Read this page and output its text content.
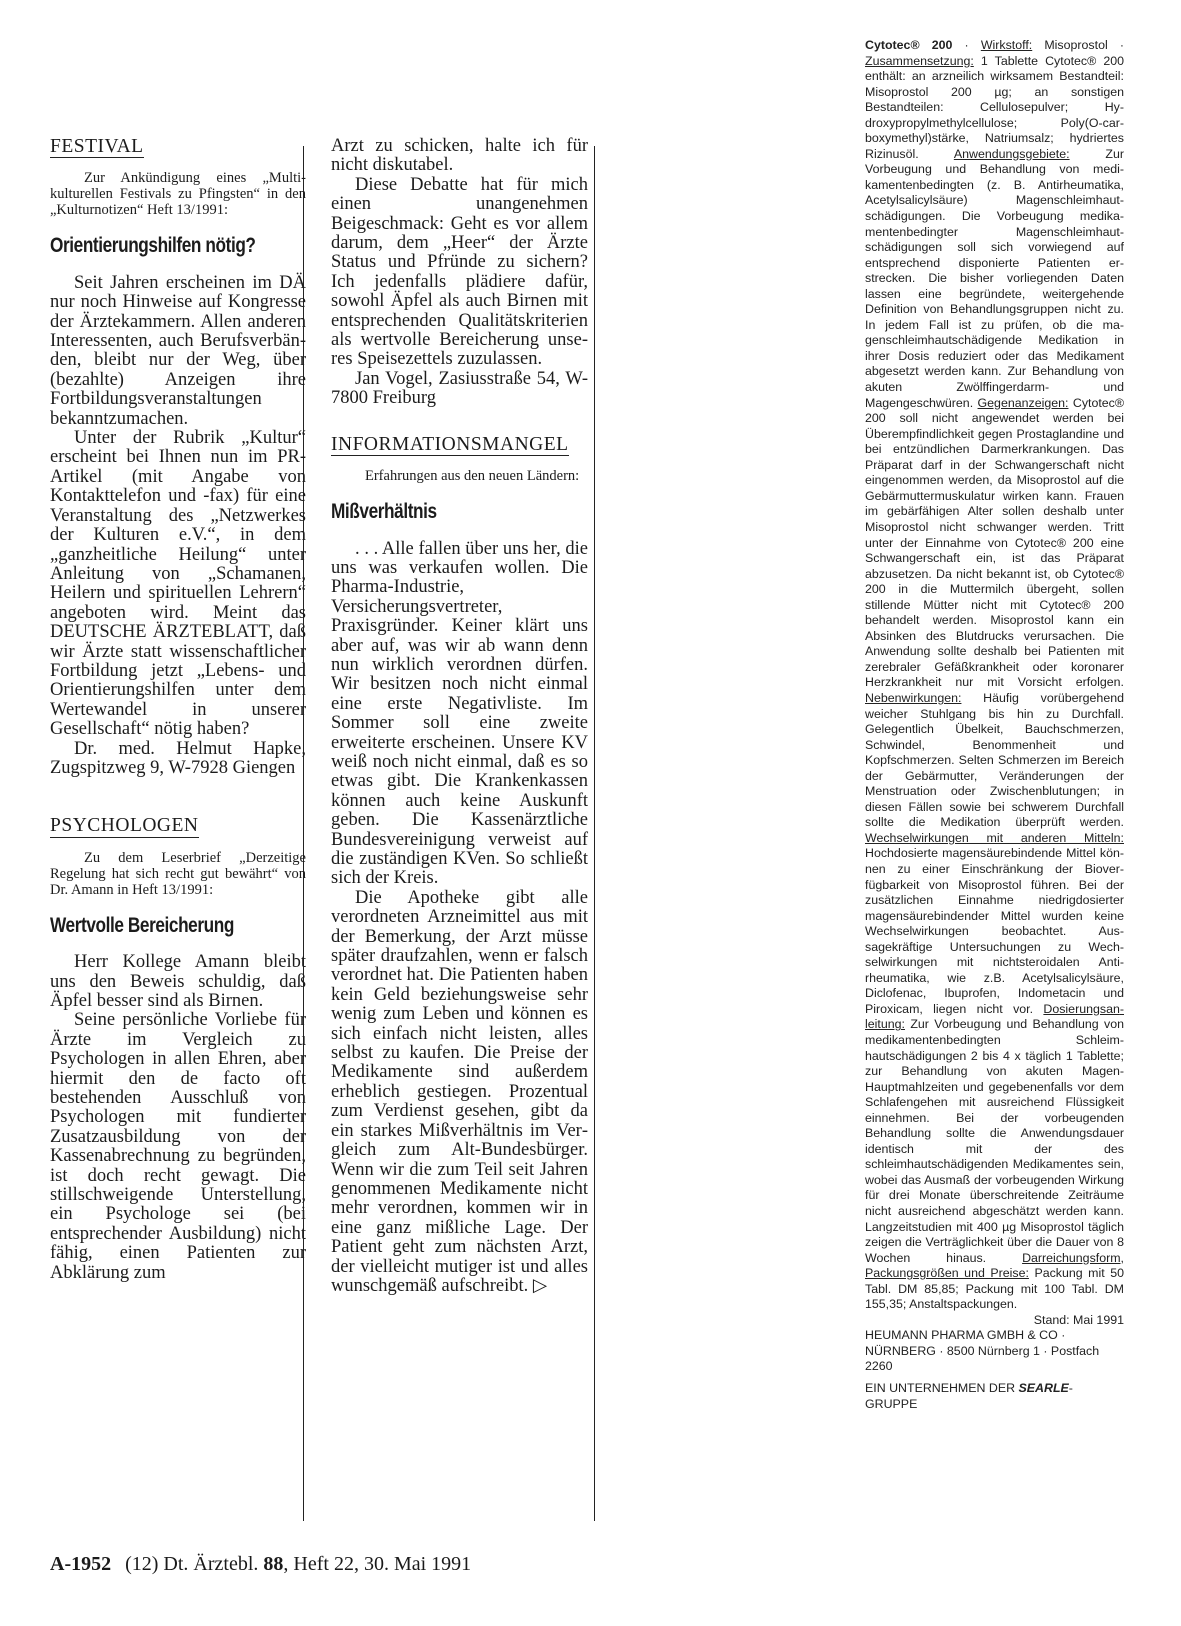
FESTIVAL

Zur Ankündigung eines „Multikulturellen Festivals zu Pfingsten“ in den „Kulturnotizen“ Heft 13/1991:

Orientierungshilfen nötig?

Seit Jahren erscheinen im DÄ nur noch Hinweise auf Kongresse der Ärztekammern. Allen anderen Interessenten, auch Berufsverbänden, bleibt nur der Weg, über (bezahlte) Anzeigen ihre Fortbildungsveranstaltungen bekanntzumachen.

Unter der Rubrik „Kultur“ erscheint bei Ihnen nun im PR-Artikel (mit Angabe von Kontakttelefon und -fax) für eine Veranstaltung des „Netzwerkes der Kulturen e.V.“, in dem „ganzheitliche Heilung“ unter Anleitung von „Schamanen, Heilern und spirituellen Lehrern“ angeboten wird. Meint das DEUTSCHE ÄRZTEBLATT, daß wir Ärzte statt wissenschaftlicher Fortbildung jetzt „Lebens- und Orientierungshilfen unter dem Wertewandel in unserer Gesellschaft“ nötig haben?

Dr. med. Helmut Hapke, Zugspitzweg 9, W-7928 Giengen

PSYCHOLOGEN

Zu dem Leserbrief „Derzeitige Regelung hat sich recht gut bewährt“ von Dr. Amann in Heft 13/1991:

Wertvolle Bereicherung

Herr Kollege Amann bleibt uns den Beweis schuldig, daß Äpfel besser sind als Birnen.

Seine persönliche Vorliebe für Ärzte im Vergleich zu Psychologen in allen Ehren, aber hiermit den de facto oft bestehenden Ausschluß von Psychologen mit fundierter Zusatzausbildung von der Kassenabrechnung zu begründen, ist doch recht gewagt. Die stillschweigende Unterstellung, ein Psychologe sei (bei entsprechender Ausbildung) nicht fähig, einen Patienten zur Abklärung zum

Arzt zu schicken, halte ich für nicht diskutabel.

Diese Debatte hat für mich einen unangenehmen Beigeschmack: Geht es vor allem darum, dem „Heer“ der Ärzte Status und Pfründe zu sichern? Ich jedenfalls plädiere dafür, sowohl Äpfel als auch Birnen mit entsprechenden Qualitätskriterien als wertvolle Bereicherung unseres Speisezettels zuzulassen.

Jan Vogel, Zasiusstraße 54, W-7800 Freiburg

INFORMATIONSMANGEL

Erfahrungen aus den neuen Ländern:

Mißverhältnis

. . . Alle fallen über uns her, die uns was verkaufen wollen. Die Pharma-Industrie, Versicherungsvertreter, Praxisgründer. Keiner klärt uns aber auf, was wir ab wann denn nun wirklich verordnen dürfen. Wir besitzen noch nicht einmal eine erste Negativliste. Im Sommer soll eine zweite erweiterte erscheinen. Unsere KV weiß noch nicht einmal, daß es so etwas gibt. Die Krankenkassen können auch keine Auskunft geben. Die Kassenärztliche Bundesvereinigung verweist auf die zuständigen KVen. So schließt sich der Kreis.

Die Apotheke gibt alle verordneten Arzneimittel aus mit der Bemerkung, der Arzt müsse später draufzahlen, wenn er falsch verordnet hat. Die Patienten haben kein Geld beziehungsweise sehr wenig zum Leben und können es sich einfach nicht leisten, alles selbst zu kaufen. Die Preise der Medikamente sind außerdem erheblich gestiegen. Prozentual zum Verdienst gesehen, gibt da ein starkes Mißverhältnis im Vergleich zum Alt-Bundesbürger. Wenn wir die zum Teil seit Jahren genommenen Medikamente nicht mehr verordnen, kommen wir in eine ganz mißliche Lage. Der Patient geht zum nächsten Arzt, der vielleicht mutiger ist und alles wunschgemäß aufschreibt. ▷

Cytotec® 200 · Wirkstoff: Misoprostol · Zusammensetzung: 1 Tablette Cytotec® 200 enthält: an arzneilich wirksamem Bestandteil: Misoprostol 200 µg; an sonstigen Bestandteilen: Cellulosepulver; Hydroxypropylmethylcellulose; Poly(O-carboxymethyl)stärke, Natriumsalz; hydriertes Rizinusöl. Anwendungsgebiete: Zur Vorbeugung und Behandlung von medikamentenbedingten (z. B. Antirheumatika, Acetylsalicylsäure) Magenschleimhautschädigungen. Die Vorbeugung medikamentenbedingter Magenschleimhautschädigungen soll sich vorwiegend auf entsprechend disponierte Patienten erstrecken. Die bisher vorliegenden Daten lassen eine begründete, weitergehende Definition von Behandlungsgruppen nicht zu. In jedem Fall ist zu prüfen, ob die magenschleimhautschädigende Medikation in ihrer Dosis reduziert oder das Medikament abgesetzt werden kann. Zur Behandlung von akuten Zwölffingerdarm- und Magengeschwüren. Gegenanzeigen: Cytotec® 200 soll nicht angewendet werden bei Überempfindlichkeit gegen Prostaglandine und bei entzündlichen Darmerkrankungen. Das Präparat darf in der Schwangerschaft nicht eingenommen werden, da Misoprostol auf die Gebärmuttermuskulatur wirken kann. Frauen im gebärfähigen Alter sollen deshalb unter Misoprostol nicht schwanger werden. Tritt unter der Einnahme von Cytotec® 200 eine Schwangerschaft ein, ist das Präparat abzusetzen. Da nicht bekannt ist, ob Cytotec® 200 in die Muttermilch übergeht, sollen stillende Mütter nicht mit Cytotec® 200 behandelt werden. Misoprostol kann ein Absinken des Blutdrucks verursachen. Die Anwendung sollte deshalb bei Patienten mit zerebraler Gefäßkrankheit oder koronarer Herzkrankheit nur mit Vorsicht erfolgen. Nebenwirkungen: Häufig vorübergehend weicher Stuhlgang bis hin zu Durchfall. Gelegentlich Übelkeit, Bauchschmerzen, Schwindel, Benommenheit und Kopfschmerzen. Selten Schmerzen im Bereich der Gebärmutter, Veränderungen der Menstruation oder Zwischenblutungen; in diesen Fällen sowie bei schwerem Durchfall sollte die Medikation überprüft werden. Wechselwirkungen mit anderen Mitteln: Hochdosierte magensäurebindende Mittel können zu einer Einschränkung der Bioverfügbarkeit von Misoprostol führen. Bei der zusätzlichen Einnahme niedrigdosierter magensäurebindender Mittel wurden keine Wechselwirkungen beobachtet. Aussagekräftige Untersuchungen zu Wechselwirkungen mit nichtsteroidalen Antirheumatika, wie z.B. Acetylsalicylsäure, Diclofenac, Ibuprofen, Indometacin und Piroxicam, liegen nicht vor. Dosierungsanleitung: Zur Vorbeugung und Behandlung von medikamentenbedingten Schleimhautschädigungen 2 bis 4 x täglich 1 Tablette; zur Behandlung von akuten Magen- Hauptmahlzeiten und gegebenenfalls vor dem Schlafengehen mit ausreichend Flüssigkeit einnehmen. Bei der vorbeugenden Behandlung sollte die Anwendungsdauer identisch mit der des schleimhautschädigenden Medikamentes sein, wobei das Ausmaß der vorbeugenden Wirkung für drei Monate überschreitende Zeiträume nicht ausreichend abgeschätzt werden kann. Langzeitstudien mit 400 µg Misoprostol täglich zeigen die Verträglichkeit über die Dauer von 8 Wochen hinaus. Darreichungsform, Packungsgrößen und Preise: Packung mit 50 Tabl. DM 85,85; Packung mit 100 Tabl. DM 155,35; Anstaltspackungen.

Stand: Mai 1991

HEUMANN PHARMA GMBH & CO · NÜRNBERG · 8500 Nürnberg 1 · Postfach 2260

EIN UNTERNEHMEN DER SEARLE-GRUPPE

A-1952 (12) Dt. Ärztebl. 88, Heft 22, 30. Mai 1991
